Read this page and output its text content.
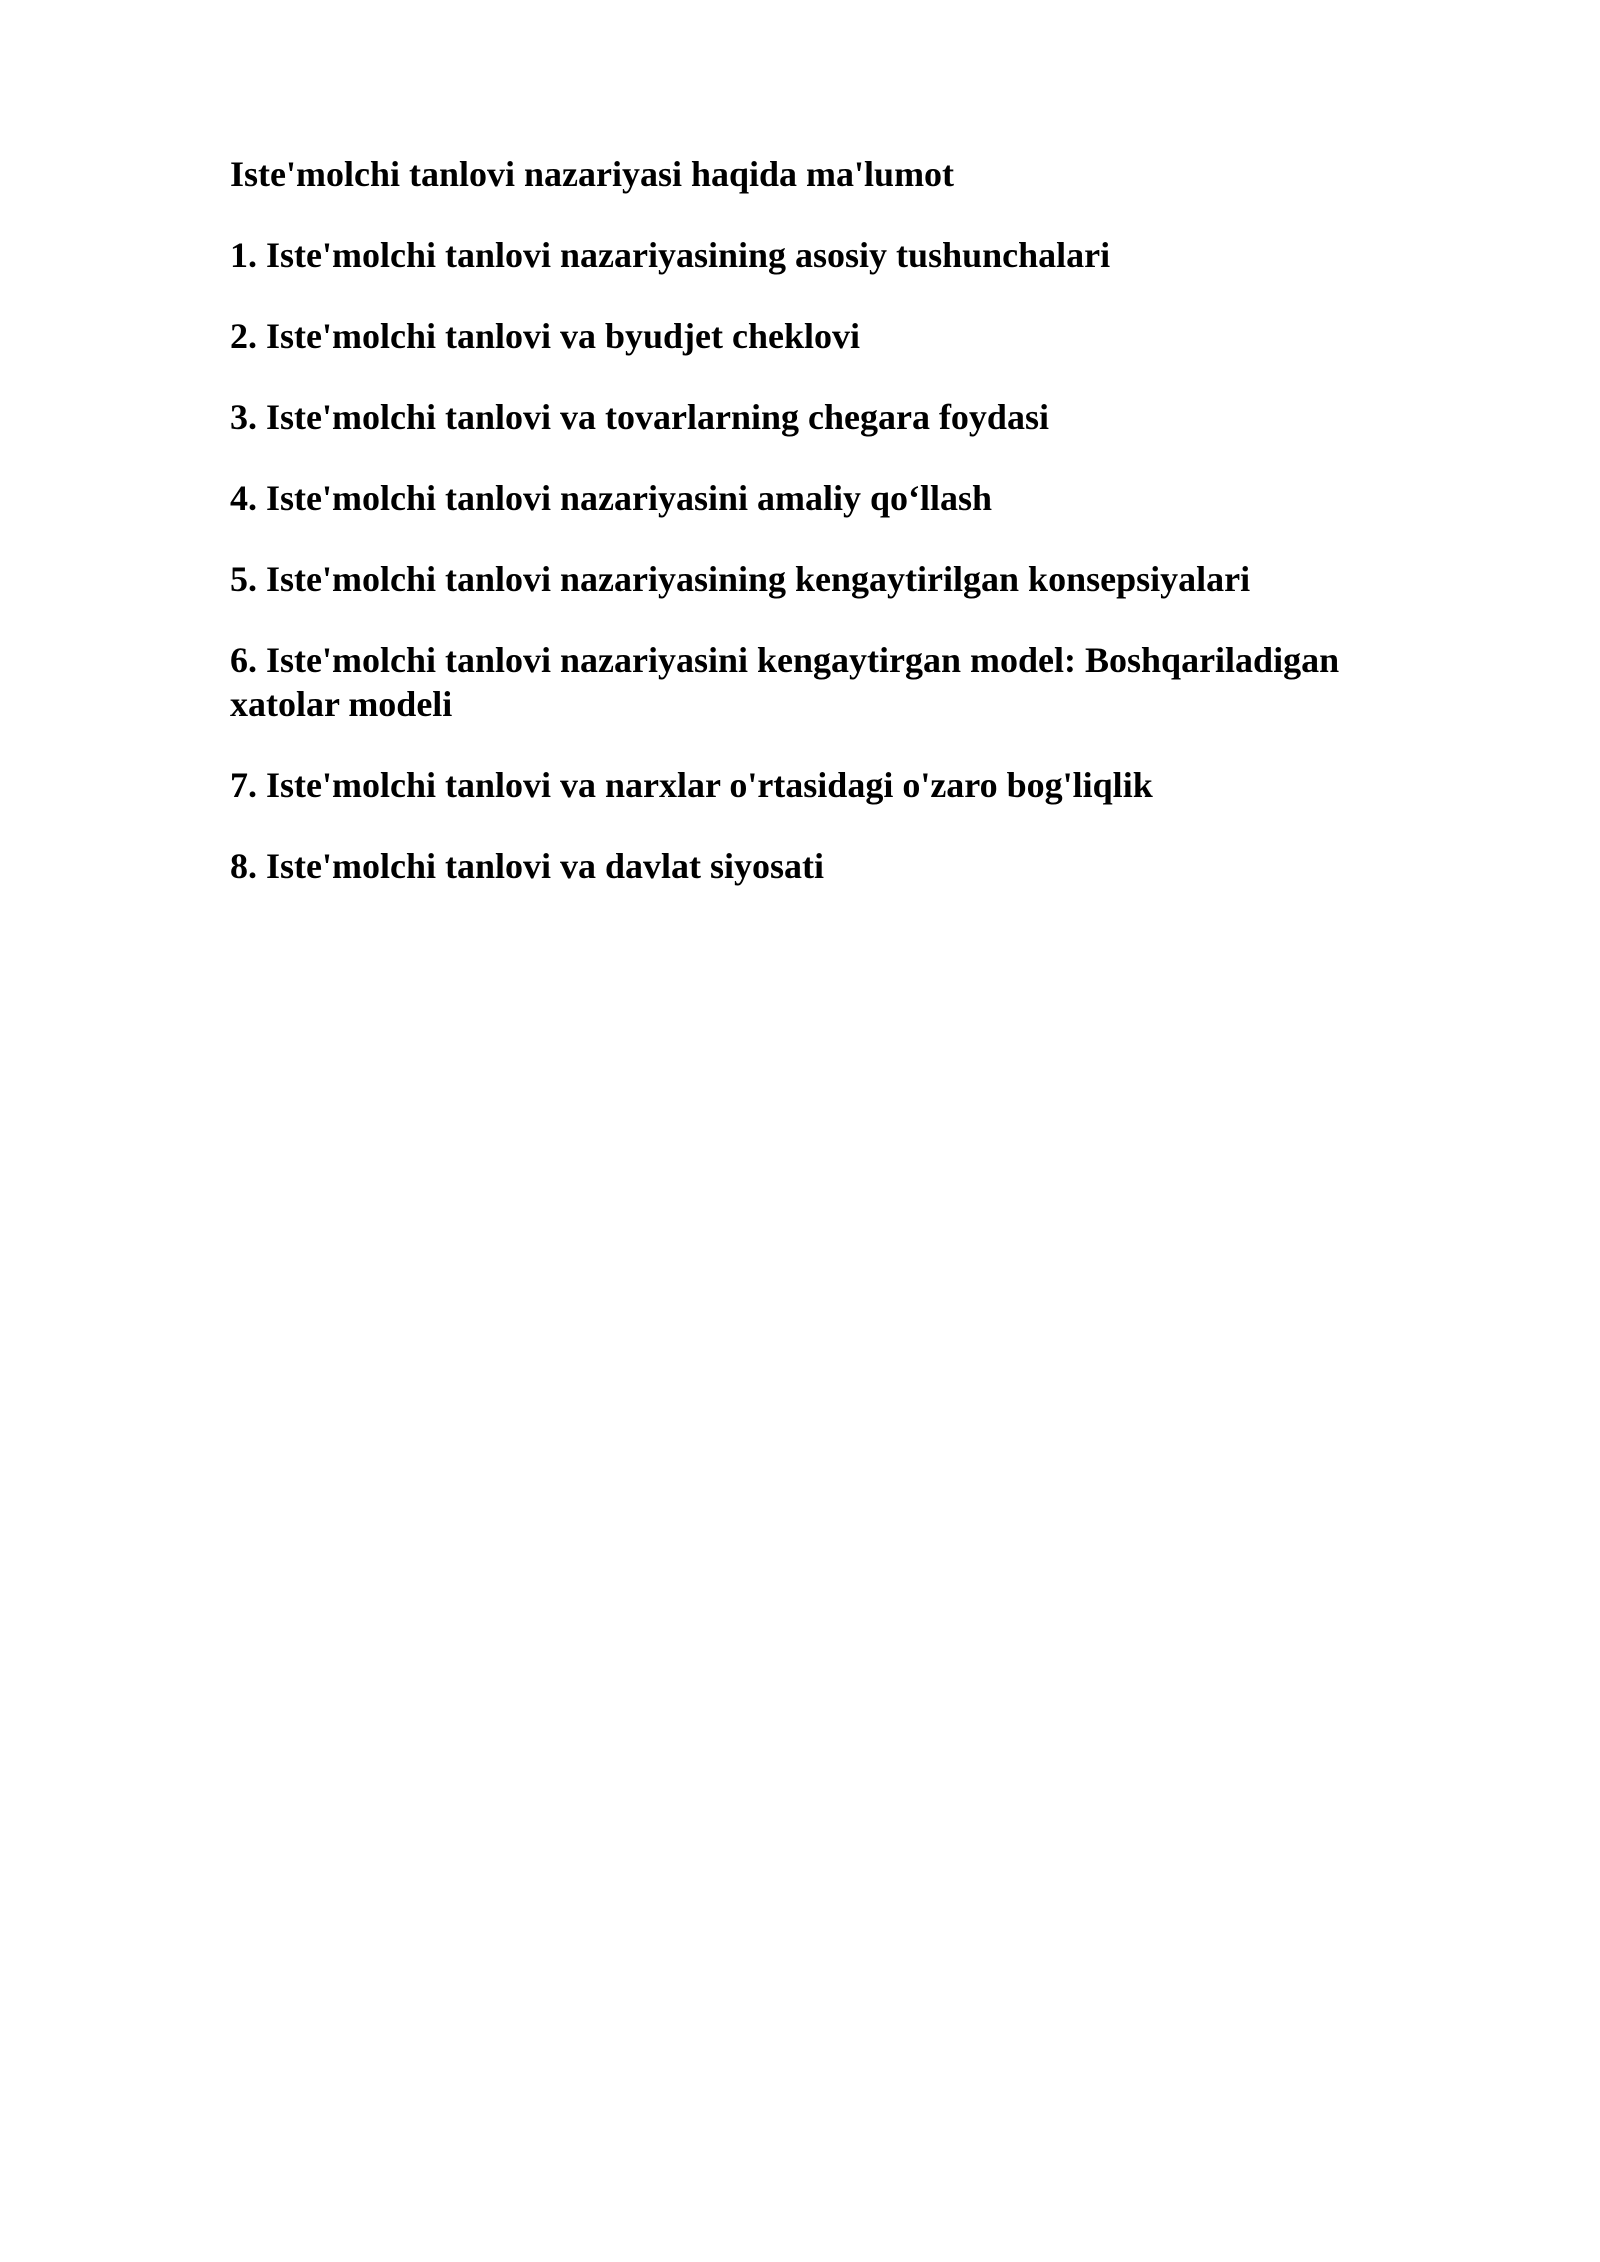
Iste'molchi tanlovi nazariyasi haqida ma'lumot
1. Iste'molchi tanlovi nazariyasining asosiy tushunchalari
2. Iste'molchi tanlovi va byudjet cheklovi
3. Iste'molchi tanlovi va tovarlarning chegara foydasi
4. Iste'molchi tanlovi nazariyasini amaliy qo‘llash
5. Iste'molchi tanlovi nazariyasining kengaytirilgan konsepsiyalari
6. Iste'molchi tanlovi nazariyasini kengaytirgan model: Boshqariladigan xatolar modeli
7. Iste'molchi tanlovi va narxlar o'rtasidagi o'zaro bog'liqlik
8. Iste'molchi tanlovi va davlat siyosati
